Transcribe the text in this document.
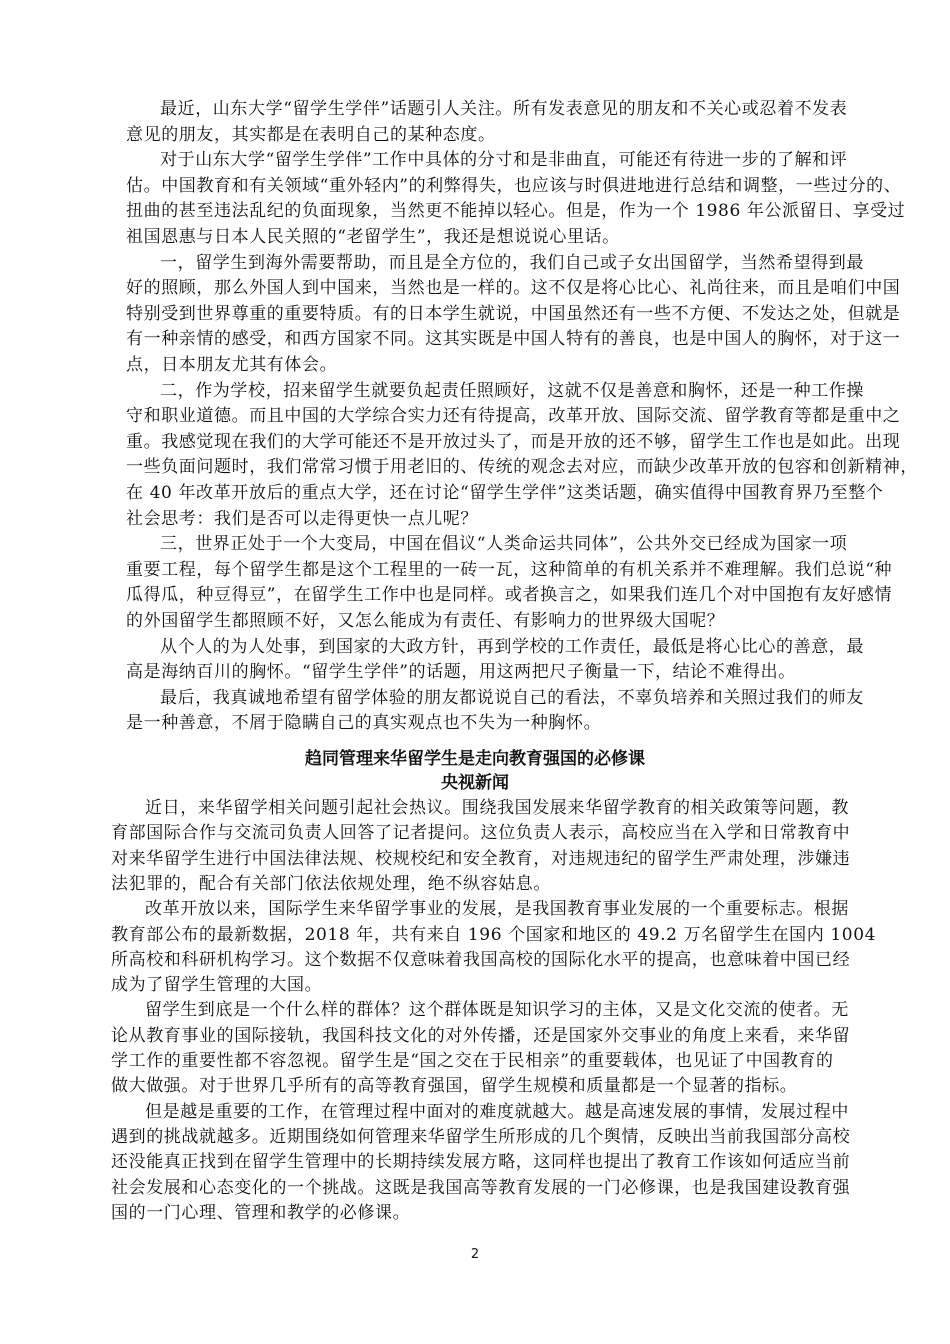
最近，山东大学“留学生学伴”话题引人关注。所有发表意见的朋友和不关心或忍着不发表
意见的朋友，其实都是在表明自己的某种态度。
对于山东大学“留学生学伴”工作中具体的分寸和是非曲直，可能还有待进一步的了解和评
估。中国教育和有关领域“重外轻内”的利弊得失，也应该与时俱进地进行总结和调整，一些过分的、
扭曲的甚至违法乱纪的负面现象，当然更不能掉以轻心。但是，作为一个 1986 年公派留日、享受过
祖国恩惠与日本人民关照的“老留学生”，我还是想说说心里话。
一，留学生到海外需要帮助，而且是全方位的，我们自己或子女出国留学，当然希望得到最
好的照顾，那么外国人到中国来，当然也是一样的。这不仅是将心比心、礼尚往来，而且是咱们中国
特别受到世界尊重的重要特质。有的日本学生就说，中国虽然还有一些不方便、不发达之处，但就是
有一种亲情的感受，和西方国家不同。这其实既是中国人特有的善良，也是中国人的胸怀，对于这一
点，日本朋友尤其有体会。
二，作为学校，招来留学生就要负起责任照顾好，这就不仅是善意和胸怀，还是一种工作操
守和职业道德。而且中国的大学综合实力还有待提高，改革开放、国际交流、留学教育等都是重中之
重。我感觉现在我们的大学可能还不是开放过头了，而是开放的还不够，留学生工作也是如此。出现
一些负面问题时，我们常常习惯于用老旧的、传统的观念去对应，而缺少改革开放的包容和创新精神，
在 40 年改革开放后的重点大学，还在讨论“留学生学伴”这类话题，确实值得中国教育界乃至整个
社会思考：我们是否可以走得更快一点儿呢？
三，世界正处于一个大变局，中国在倡议“人类命运共同体”，公共外交已经成为国家一项
重要工程，每个留学生都是这个工程里的一砖一瓦，这种简单的有机关系并不难理解。我们总说“种
瓜得瓜，种豆得豆”，在留学生工作中也是同样。或者换言之，如果我们连几个对中国抱有友好感情
的外国留学生都照顾不好，又怎么能成为有责任、有影响力的世界级大国呢？
从个人的为人处事，到国家的大政方针，再到学校的工作责任，最低是将心比心的善意，最
高是海纳百川的胸怀。“留学生学伴”的话题，用这两把尺子衡量一下，结论不难得出。
最后，我真诚地希望有留学体验的朋友都说说自己的看法，不辜负培养和关照过我们的师友
是一种善意，不屑于隐瞒自己的真实观点也不失为一种胸怀。
趋同管理来华留学生是走向教育强国的必修课
央视新闻
近日，来华留学相关问题引起社会热议。围绕我国发展来华留学教育的相关政策等问题，教
育部国际合作与交流司负责人回答了记者提问。这位负责人表示，高校应当在入学和日常教育中
对来华留学生进行中国法律法规、校规校纪和安全教育，对违规违纪的留学生严肃处理，涉嫌违
法犯罪的，配合有关部门依法依规处理，绝不纵容姑息。
改革开放以来，国际学生来华留学事业的发展，是我国教育事业发展的一个重要标志。根据
教育部公布的最新数据，2018 年，共有来自 196 个国家和地区的 49.2 万名留学生在国内 1004
所高校和科研机构学习。这个数据不仅意味着我国高校的国际化水平的提高，也意味着中国已经
成为了留学生管理的大国。
留学生到底是一个什么样的群体？这个群体既是知识学习的主体，又是文化交流的使者。无
论从教育事业的国际接轨，我国科技文化的对外传播，还是国家外交事业的角度上来看，来华留
学工作的重要性都不容忽视。留学生是“国之交在于民相亲”的重要载体，也见证了中国教育的
做大做强。对于世界几乎所有的高等教育强国，留学生规模和质量都是一个显著的指标。
但是越是重要的工作，在管理过程中面对的难度就越大。越是高速发展的事情，发展过程中
遇到的挑战就越多。近期围绕如何管理来华留学生所形成的几个舆情，反映出当前我国部分高校
还没能真正找到在留学生管理中的长期持续发展方略，这同样也提出了教育工作该如何适应当前
社会发展和心态变化的一个挑战。这既是我国高等教育发展的一门必修课，也是我国建设教育强
国的一门心理、管理和教学的必修课。
2
